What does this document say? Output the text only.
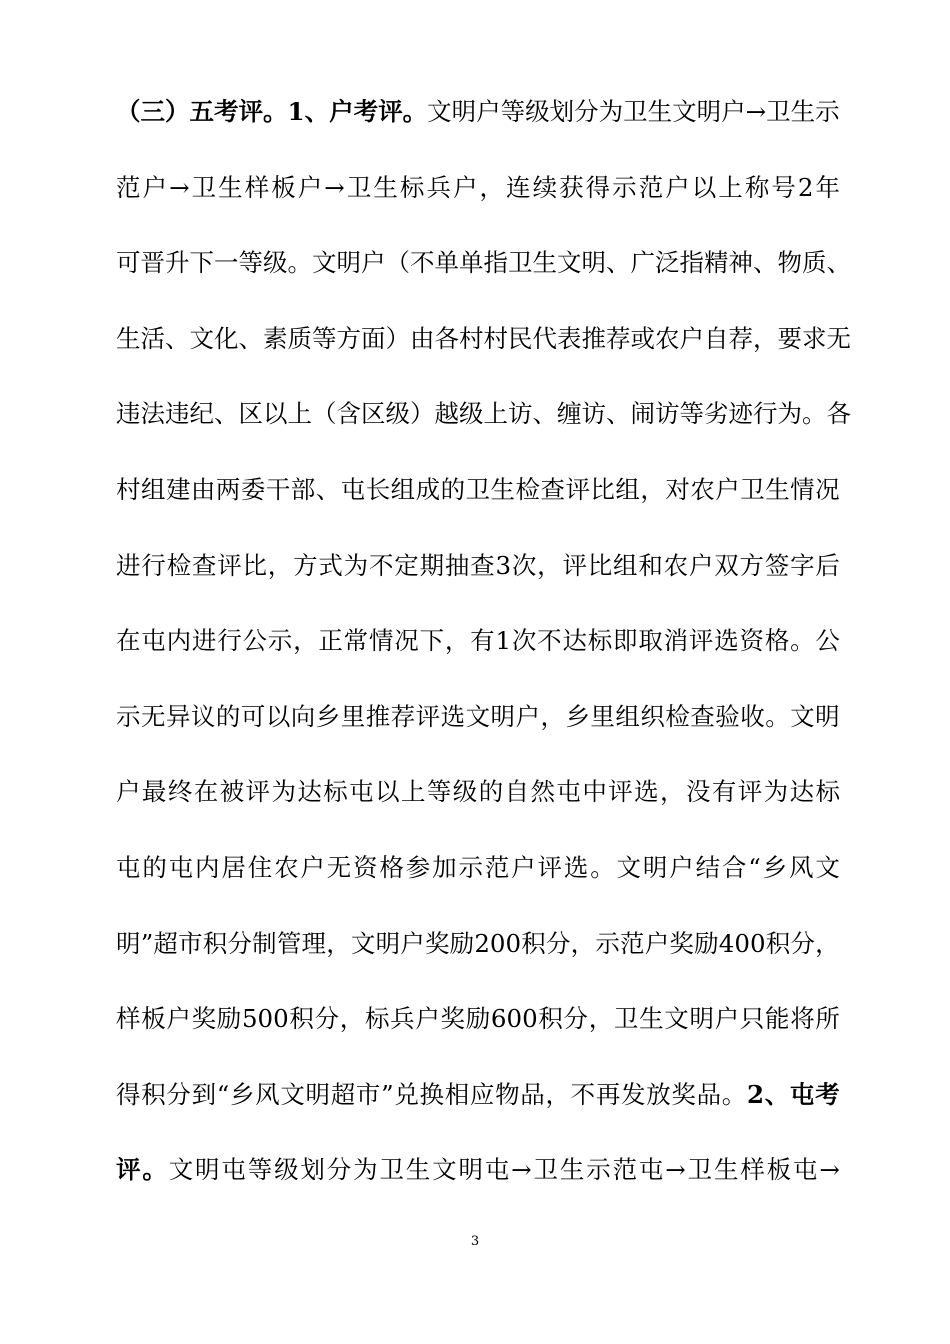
（ 三 ） 五 考 评 。 1 、 户 考 评 。 文 明 户 等 级 划 分 为 卫 生 文 明 户 → 卫 生 示
范 户 → 卫 生 样 板 户 → 卫 生 标 兵 户 ， 连 续 获 得 示 范 户 以 上 称 号 2 年
可 晋 升 下 一 等 级 。 文 明 户 （ 不 单 单 指 卫 生 文 明 、 广 泛 指 精 神 、 物 质 、
生 活 、 文 化 、 素 质 等 方 面 ） 由 各 村 村 民 代 表 推 荐 或 农 户 自 荐 ， 要 求 无
违 法 违 纪 、 区 以 上 （ 含 区 级 ） 越 级 上 访 、 缠 访 、 闹 访 等 劣 迹 行 为 。 各
村 组 建 由 两 委 干 部 、 屯 长 组 成 的 卫 生 检 查 评 比 组 ， 对 农 户 卫 生 情 况
进 行 检 查 评 比 ， 方 式 为 不 定 期 抽 查 3 次 ， 评 比 组 和 农 户 双 方 签 字 后
在 屯 内 进 行 公 示 ， 正 常 情 况 下 ， 有 1 次 不 达 标 即 取 消 评 选 资 格 。 公
示 无 异 议 的 可 以 向 乡 里 推 荐 评 选 文 明 户 ， 乡 里 组 织 检 查 验 收 。 文 明
户 最 终 在 被 评 为 达 标 屯 以 上 等 级 的 自 然 屯 中 评 选 ， 没 有 评 为 达 标
屯 的 屯 内 居 住 农 户 无 资 格 参 加 示 范 户 评 选 。 文 明 户 结 合 “ 乡 风 文
明 ” 超 市 积 分 制 管 理 ， 文 明 户 奖 励 200 积 分 ， 示 范 户 奖 励 400 积 分 ，
样 板 户 奖 励 500 积 分 ， 标 兵 户 奖 励 600 积 分 ， 卫 生 文 明 户 只 能 将 所
得 积 分 到 “ 乡 风 文 明 超 市 ” 兑 换 相 应 物 品 ， 不 再 发 放 奖 品 。 2 、 屯 考
评 。 文 明 屯 等 级 划 分 为 卫 生 文 明 屯 → 卫 生 示 范 屯 → 卫 生 样 板 屯 →
3
